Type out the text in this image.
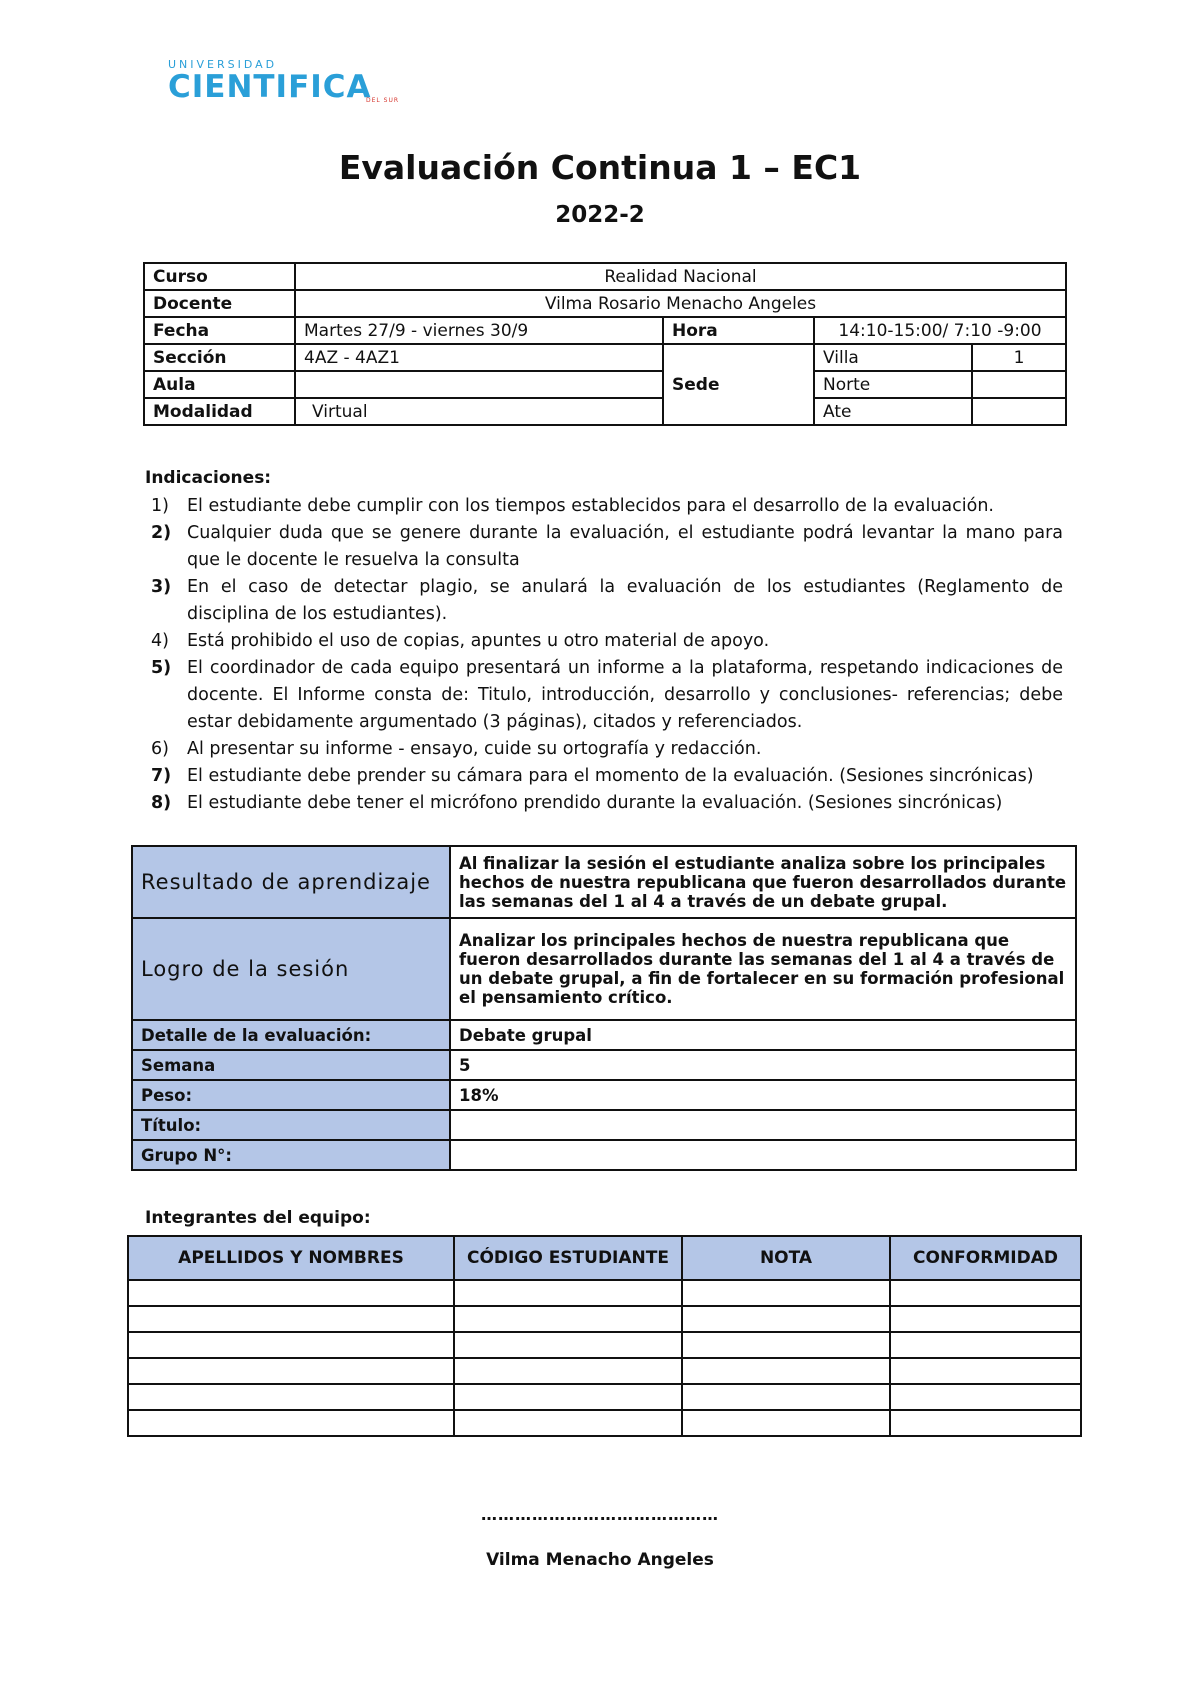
UNIVERSIDAD
CIENTIFICA
DEL SUR
Evaluación Continua 1 – EC1
2022-2
Curso	Realidad Nacional			
Docente	Vilma Rosario Menacho Angeles			
Fecha	Martes 27/9 - viernes 30/9	Hora	14:10-15:00/ 7:10 -9:00	
Sección	4AZ - 4AZ1	Sede	Villa	1
Aula			Norte	
Modalidad	Virtual		Ate	
Indicaciones:
1) El estudiante debe cumplir con los tiempos establecidos para el desarrollo de la evaluación.
2) Cualquier duda que se genere durante la evaluación, el estudiante podrá levantar la mano para que le docente le resuelva la consulta
3) En el caso de detectar plagio, se anulará la evaluación de los estudiantes (Reglamento de disciplina de los estudiantes).
4) Está prohibido el uso de copias, apuntes u otro material de apoyo.
5) El coordinador de cada equipo presentará un informe a la plataforma, respetando indicaciones de docente. El Informe consta de: Titulo, introducción, desarrollo y conclusiones- referencias; debe estar debidamente argumentado (3 páginas), citados y referenciados.
6) Al presentar su informe - ensayo, cuide su ortografía y redacción.
7) El estudiante debe prender su cámara para el momento de la evaluación. (Sesiones sincrónicas)
8) El estudiante debe tener el micrófono prendido durante la evaluación. (Sesiones sincrónicas)
Resultado de aprendizaje	Al finalizar la sesión el estudiante analiza sobre los principales hechos de nuestra republicana que fueron desarrollados durante las semanas del 1 al 4 a través de un debate grupal.
Logro de la sesión	Analizar los principales hechos de nuestra republicana que fueron desarrollados durante las semanas del 1 al 4 a través de un debate grupal, a fin de fortalecer en su formación profesional el pensamiento crítico.
Detalle de la evaluación:	Debate grupal
Semana	5
Peso:	18%
Título:	
Grupo N°:	
Integrantes del equipo:
APELLIDOS Y NOMBRES	CÓDIGO ESTUDIANTE	NOTA	CONFORMIDAD

……………………………………
Vilma Menacho Angeles
